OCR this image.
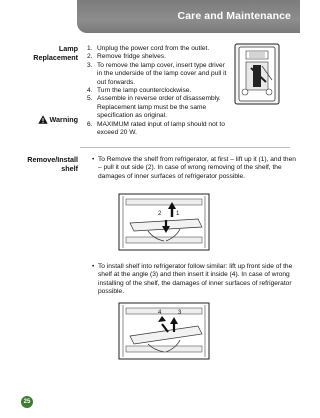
Care and Maintenance
Lamp
Replacement
Warning
1. Unplug the power cord from the outlet.
2. Remove fridge shelves.
3. To remove the lamp cover, insert type driver in the underside of the lamp cover and pull it out forwards.
4. Turn the lamp counterclockwise.
5. Assemble in reverse order of disassembly. Replacement lamp must be the same specification as original.
6. MAXIMUM rated input of lamp should not to exceed 20 W.
Remove/Install
shelf
• To Remove the shelf from refrigerator, at first – lift up it (1), and then – pull it out side (2). In case of wrong removing of the shelf, the damages of inner surfaces of refrigerator possible.
2 1
• To install shelf into refrigerator follow similar: lift up front side of the shelf at the angle (3) and then insert it inside (4). In case of wrong installing of the shelf, the damages of inner surfaces of refrigerator possible.
4	3
25
